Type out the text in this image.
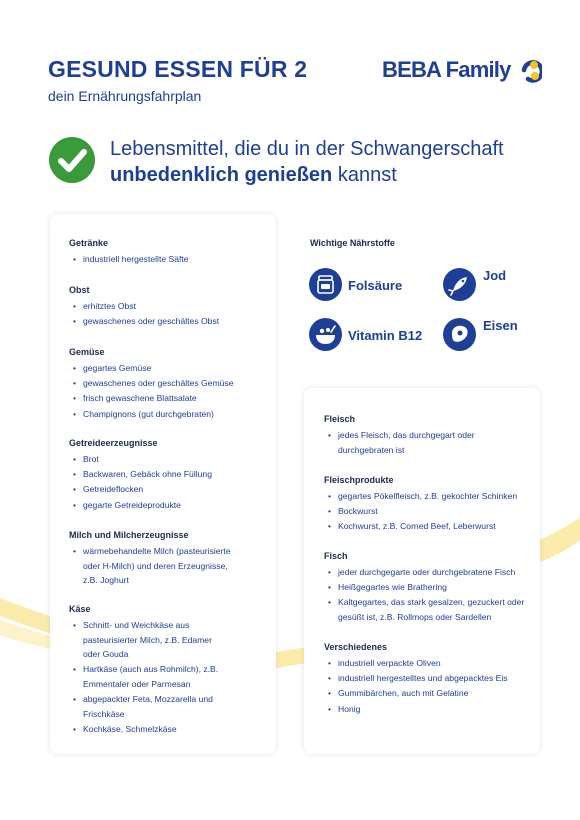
GESUND ESSEN FÜR 2
dein Ernährungsfahrplan
BEBA Family
Lebensmittel, die du in der Schwangerschaft
unbedenklich genießen kannst
Getränke
• industriell hergestellte Säfte
Obst
• erhitztes Obst
• gewaschenes oder geschältes Obst
Gemüse
• gegartes Gemüse
• gewaschenes oder geschältes Gemüse
• frisch gewaschene Blattsalate
• Champignons (gut durchgebraten)
Getreideerzeugnisse
• Brot
• Backwaren, Gebäck ohne Füllung
• Getreideflocken
• gegarte Getreideprodukte
Milch und Milcherzeugnisse
• wärmebehandelte Milch (pasteurisierte oder H-Milch) und deren Erzeugnisse, z.B. Joghurt
Käse
• Schnitt- und Weichkäse aus pasteurisierter Milch, z.B. Edamer oder Gouda
• Hartkäse (auch aus Rohmilch), z.B. Emmentaler oder Parmesan
• abgepackter Feta, Mozzarella und Frischkäse
• Kochkäse, Schmelzkäse
Wichtige Nährstoffe
Folsäure
Jod
Vitamin B12
Eisen
Fleisch
• jedes Fleisch, das durchgegart oder durchgebraten ist
Fleischprodukte
• gegartes Pökelfleisch, z.B. gekochter Schinken
• Bockwurst
• Kochwurst, z.B. Corned Beef, Leberwurst
Fisch
• jeder durchgegarte oder durchgebratene Fisch
• Heißgegartes wie Brathering
• Kaltgegartes, das stark gesalzen, gezuckert oder gesüßt ist, z.B. Rollmops oder Sardellen
Verschiedenes
• industriell verpackte Oliven
• industriell hergestelltes und abgepacktes Eis
• Gummibärchen, auch mit Gelatine
• Honig
